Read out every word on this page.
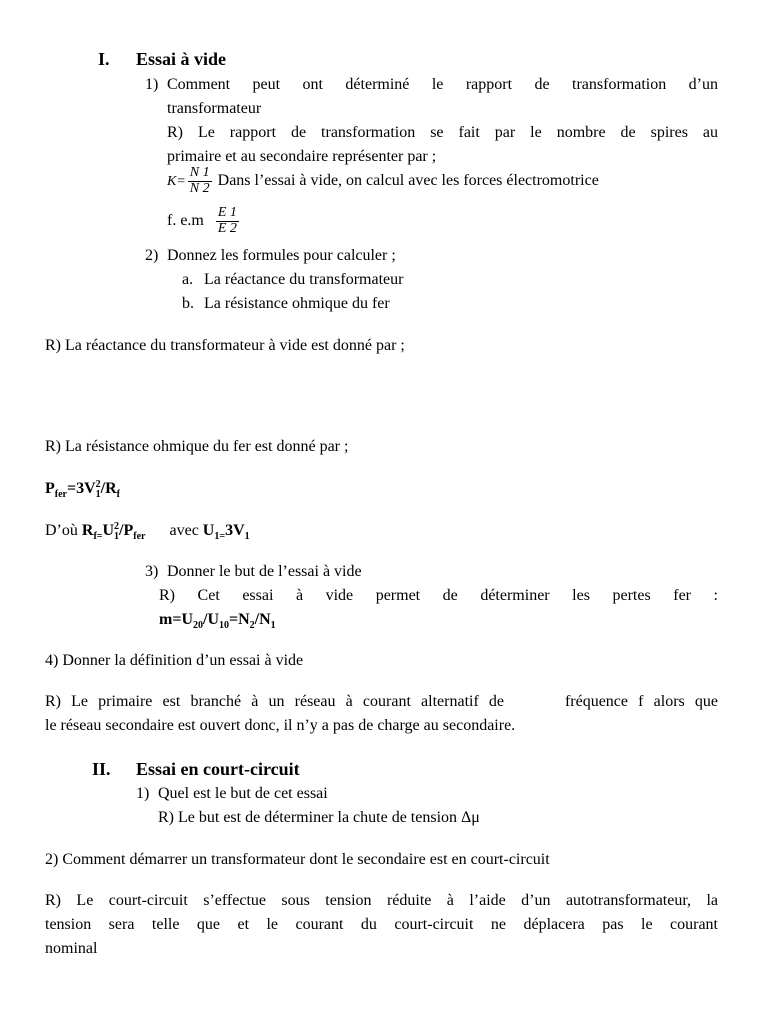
I. Essai à vide
1) Comment peut ont déterminé le rapport de transformation d’un
transformateur
R) Le rapport de transformation se fait par le nombre de spires au
primaire et au secondaire représenter par ;
$K= \frac{N 1}{N 2}$ Dans l’essai à vide, on calcul avec les forces électromotrice
f. $e.m \frac{E 1}{E 2}$
2) Donnez les formules pour calculer ;
a. La réactance du transformateur
b. La résistance ohmique du fer
R) La réactance du transformateur à vide est donné par ;
R) La résistance ohmique du fer est donné par ;
$P_{fer}=3V_1^2/R_f$
D’où $R_{f=}U_1^2/P_{fer}$ avec $U_{1=}3V_1$
3) Donner le but de l’essai à vide
R) Cet essai à vide permet de déterminer les pertes fer :
$m=U_{20}/U_{10}=N_2/N_1$
4) Donner la définition d’un essai à vide
R) Le primaire est branché à un réseau à courant alternatif de      fréquence f alors que
le réseau secondaire est ouvert donc, il n’y a pas de charge au secondaire.
II. Essai en court-circuit
1) Quel est le but de cet essai
R) Le but est de déterminer la chute de tension Δμ
2) Comment démarrer un transformateur dont le secondaire est en court-circuit
R) Le court-circuit s’effectue sous tension réduite à l’aide d’un autotransformateur, la
tension sera telle que et le courant du court-circuit ne déplacera pas le courant
nominal
